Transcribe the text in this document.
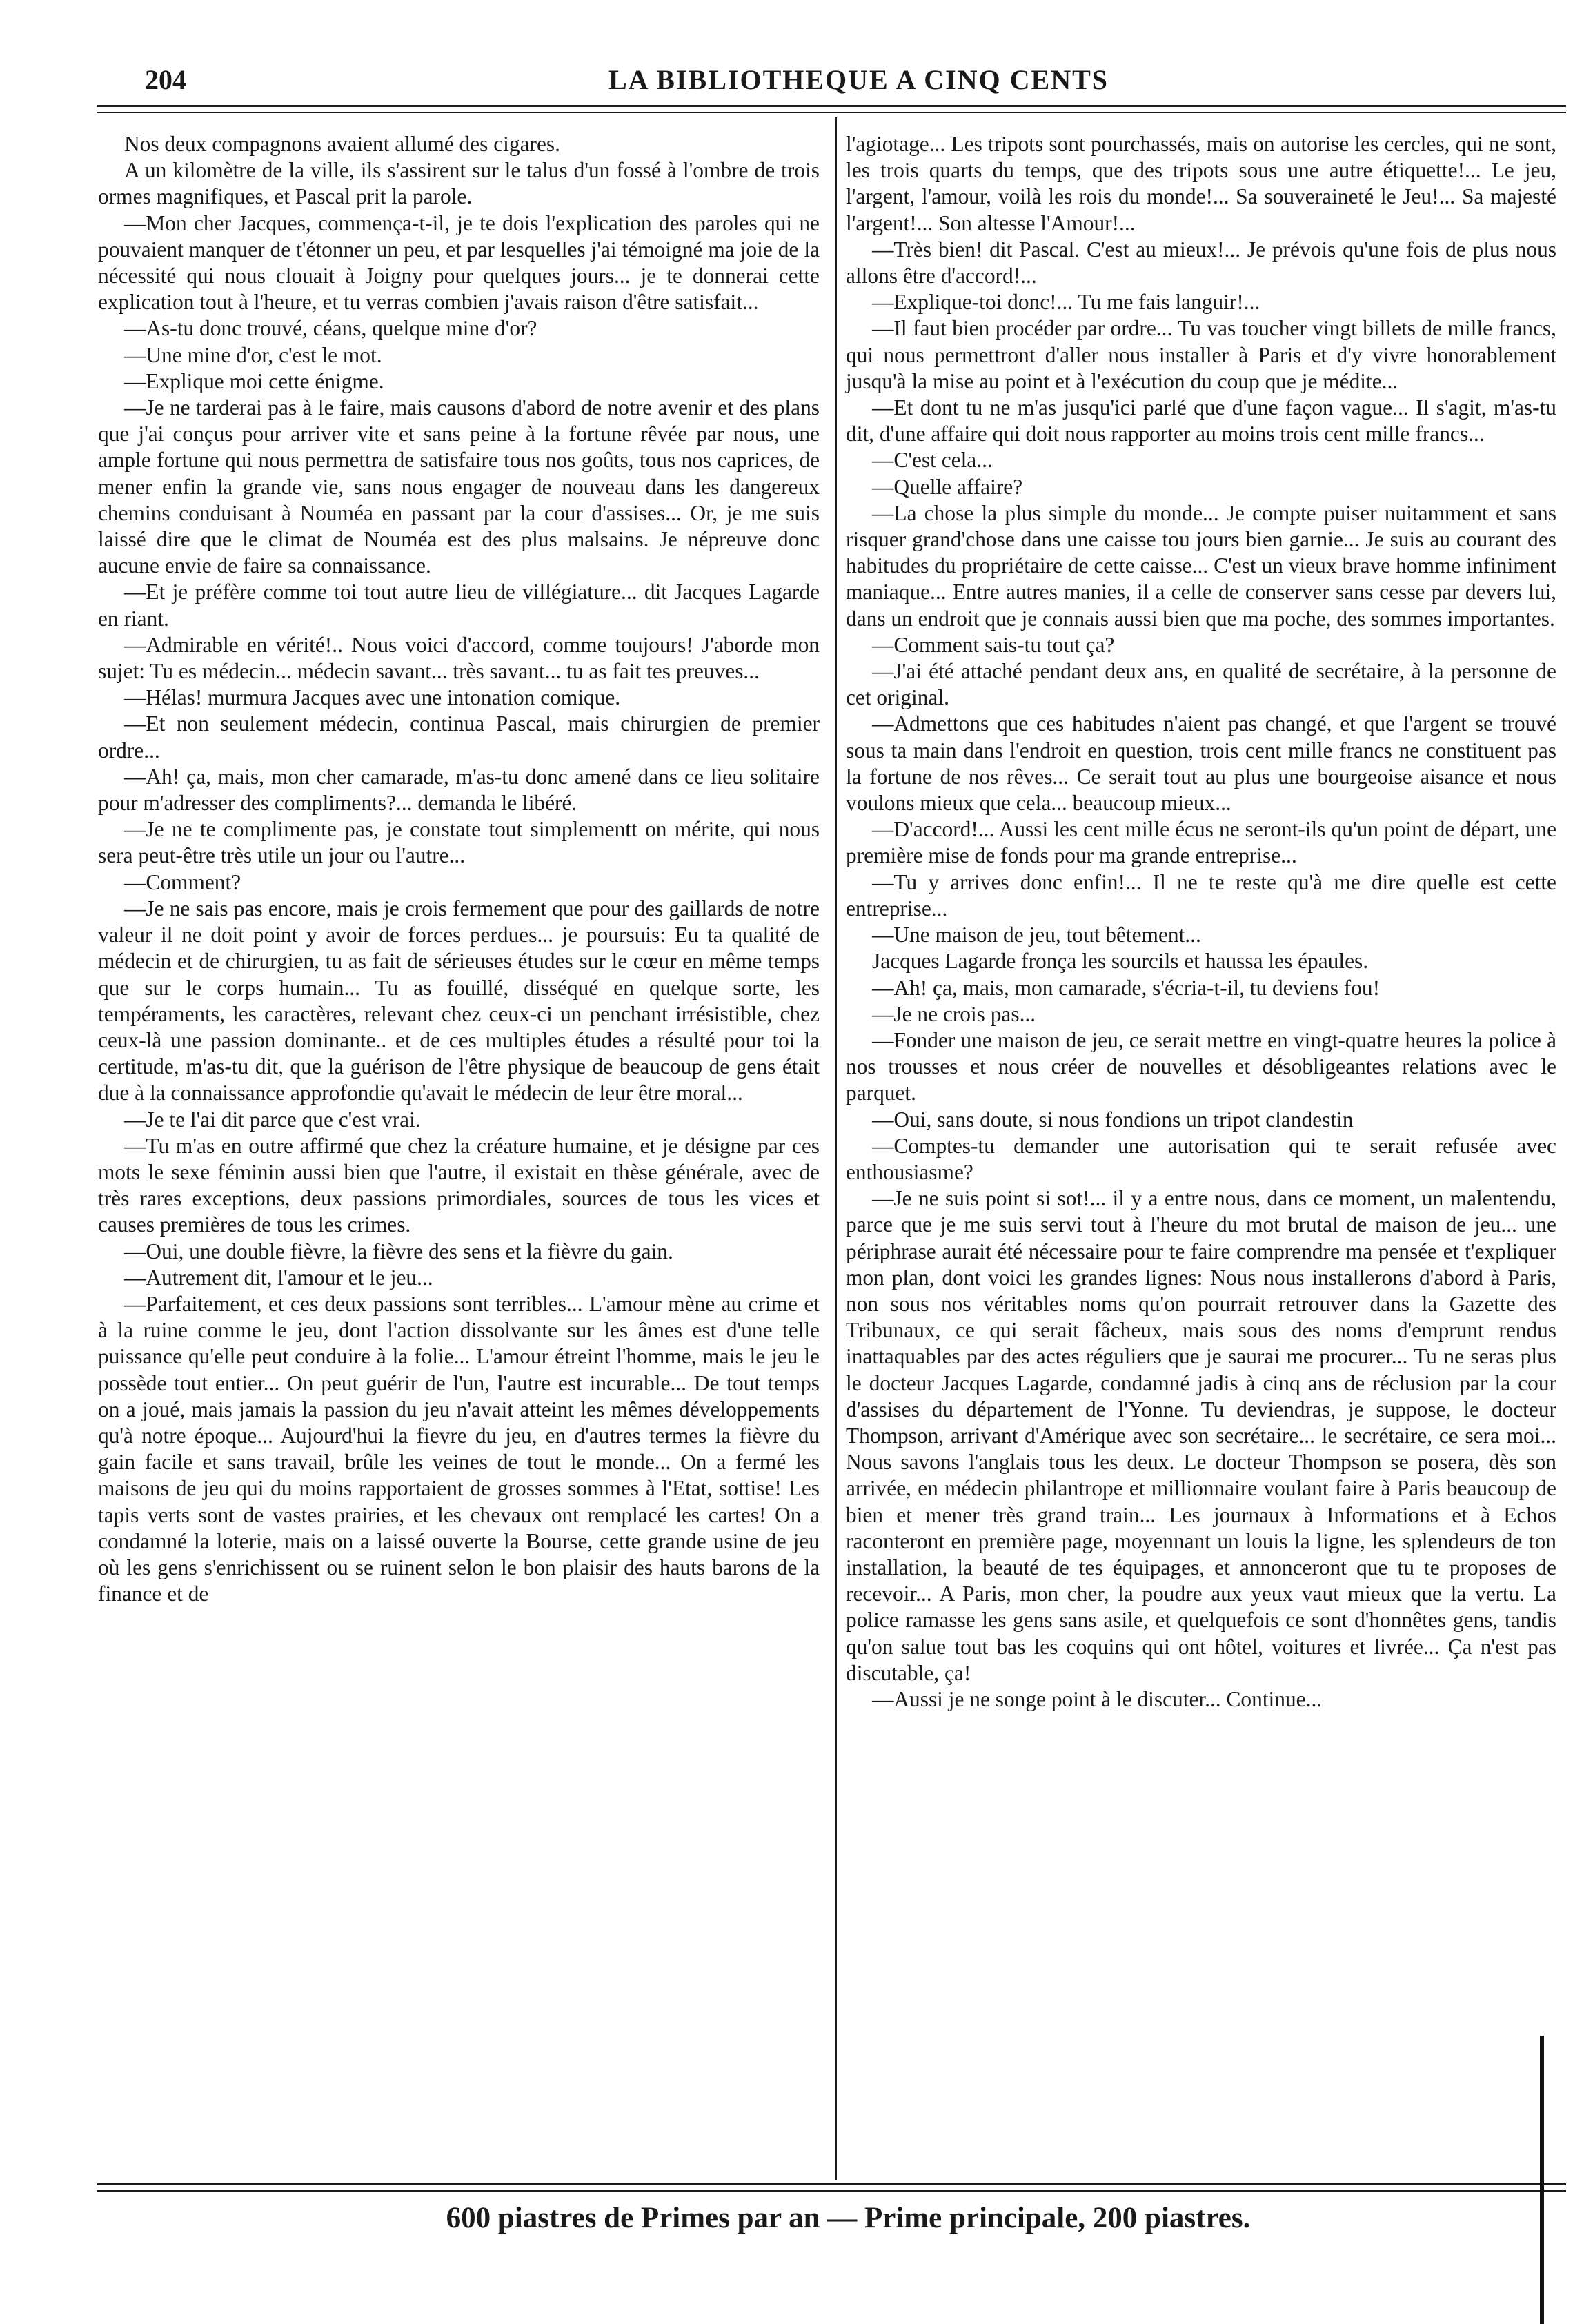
204	LA BIBLIOTHEQUE A CINQ CENTS

Nos deux compagnons avaient allumé des cigares.

A un kilomètre de la ville, ils s'assirent sur le talus d'un fossé à l'ombre de trois ormes magnifiques, et Pascal prit la parole.

—Mon cher Jacques, commença-t-il, je te dois l'explication des paroles qui ne pouvaient manquer de t'étonner un peu, et par lesquelles j'ai témoigné ma joie de la nécessité qui nous clouait à Joigny pour quelques jours... je te donnerai cette explication tout à l'heure, et tu verras combien j'avais raison d'être satisfait...

—As-tu donc trouvé, céans, quelque mine d'or?

—Une mine d'or, c'est le mot.

—Explique moi cette énigme.

—Je ne tarderai pas à le faire, mais causons d'abord de notre avenir et des plans que j'ai conçus pour arriver vite et sans peine à la fortune rêvée par nous, une ample fortune qui nous permettra de satisfaire tous nos goûts, tous nos caprices, de mener enfin la grande vie, sans nous engager de nouveau dans les dangereux chemins conduisant à Nouméa en passant par la cour d'assises... Or, je me suis laissé dire que le climat de Nouméa est des plus malsains. Je népreuve donc aucune envie de faire sa connaissance.

—Et je préfère comme toi tout autre lieu de villégiature... dit Jacques Lagarde en riant.

—Admirable en vérité!.. Nous voici d'accord, comme toujours! J'aborde mon sujet: Tu es médecin... médecin savant... très savant... tu as fait tes preuves...

—Hélas! murmura Jacques avec une intonation comique.

—Et non seulement médecin, continua Pascal, mais chirurgien de premier ordre...

—Ah! ça, mais, mon cher camarade, m'as-tu donc amené dans ce lieu solitaire pour m'adresser des compliments?... demanda le libéré.

—Je ne te complimente pas, je constate tout simplementt on mérite, qui nous sera peut-être très utile un jour ou l'autre...

—Comment?

—Je ne sais pas encore, mais je crois fermement que pour des gaillards de notre valeur il ne doit point y avoir de forces perdues... je poursuis: Eu ta qualité de médecin et de chirurgien, tu as fait de sérieuses études sur le cœur en même temps que sur le corps humain... Tu as fouillé, disséqué en quelque sorte, les tempéraments, les caractères, relevant chez ceux-ci un penchant irrésistible, chez ceux-là une passion dominante.. et de ces multiples études a résulté pour toi la certitude, m'as-tu dit, que la guérison de l'être physique de beaucoup de gens était due à la connaissance approfondie qu'avait le médecin de leur être moral...

—Je te l'ai dit parce que c'est vrai.

—Tu m'as en outre affirmé que chez la créature humaine, et je désigne par ces mots le sexe féminin aussi bien que l'autre, il existait en thèse générale, avec de très rares exceptions, deux passions primordiales, sources de tous les vices et causes premières de tous les crimes.

—Oui, une double fièvre, la fièvre des sens et la fièvre du gain.

—Autrement dit, l'amour et le jeu...

—Parfaitement, et ces deux passions sont terribles... L'amour mène au crime et à la ruine comme le jeu, dont l'action dissolvante sur les âmes est d'une telle puissance qu'elle peut conduire à la folie... L'amour étreint l'homme, mais le jeu le possède tout entier... On peut guérir de l'un, l'autre est incurable... De tout temps on a joué, mais jamais la passion du jeu n'avait atteint les mêmes développements qu'à notre époque... Aujourd'hui la fievre du jeu, en d'autres termes la fièvre du gain facile et sans travail, brûle les veines de tout le monde... On a fermé les maisons de jeu qui du moins rapportaient de grosses sommes à l'Etat, sottise! Les tapis verts sont de vastes prairies, et les chevaux ont remplacé les cartes! On a condamné la loterie, mais on a laissé ouverte la Bourse, cette grande usine de jeu où les gens s'enrichissent ou se ruinent selon le bon plaisir des hauts barons de la finance et de

l'agiotage... Les tripots sont pourchassés, mais on autorise les cercles, qui ne sont, les trois quarts du temps, que des tripots sous une autre étiquette!... Le jeu, l'argent, l'amour, voilà les rois du monde!... Sa souveraineté le Jeu!... Sa majesté l'argent!... Son altesse l'Amour!...

—Très bien! dit Pascal. C'est au mieux!... Je prévois qu'une fois de plus nous allons être d'accord!...

—Explique-toi donc!... Tu me fais languir!...

—Il faut bien procéder par ordre... Tu vas toucher vingt billets de mille francs, qui nous permettront d'aller nous installer à Paris et d'y vivre honorablement jusqu'à la mise au point et à l'exécution du coup que je médite...

—Et dont tu ne m'as jusqu'ici parlé que d'une façon vague... Il s'agit, m'as-tu dit, d'une affaire qui doit nous rapporter au moins trois cent mille francs...

—C'est cela...

—Quelle affaire?

—La chose la plus simple du monde... Je compte puiser nuitamment et sans risquer grand'chose dans une caisse tou jours bien garnie... Je suis au courant des habitudes du propriétaire de cette caisse... C'est un vieux brave homme infiniment maniaque... Entre autres manies, il a celle de conserver sans cesse par devers lui, dans un endroit que je connais aussi bien que ma poche, des sommes importantes.

—Comment sais-tu tout ça?

—J'ai été attaché pendant deux ans, en qualité de secrétaire, à la personne de cet original.

—Admettons que ces habitudes n'aient pas changé, et que l'argent se trouvé sous ta main dans l'endroit en question, trois cent mille francs ne constituent pas la fortune de nos rêves... Ce serait tout au plus une bourgeoise aisance et nous voulons mieux que cela... beaucoup mieux...

—D'accord!... Aussi les cent mille écus ne seront-ils qu'un point de départ, une première mise de fonds pour ma grande entreprise...

—Tu y arrives donc enfin!... Il ne te reste qu'à me dire quelle est cette entreprise...

—Une maison de jeu, tout bêtement...

Jacques Lagarde fronça les sourcils et haussa les épaules.

—Ah! ça, mais, mon camarade, s'écria-t-il, tu deviens fou!

—Je ne crois pas...

—Fonder une maison de jeu, ce serait mettre en vingt-quatre heures la police à nos trousses et nous créer de nouvelles et désobligeantes relations avec le parquet.

—Oui, sans doute, si nous fondions un tripot clandestin

—Comptes-tu demander une autorisation qui te serait refusée avec enthousiasme?

—Je ne suis point si sot!... il y a entre nous, dans ce moment, un malentendu, parce que je me suis servi tout à l'heure du mot brutal de maison de jeu... une périphrase aurait été nécessaire pour te faire comprendre ma pensée et t'expliquer mon plan, dont voici les grandes lignes: Nous nous installerons d'abord à Paris, non sous nos véritables noms qu'on pourrait retrouver dans la Gazette des Tribunaux, ce qui serait fâcheux, mais sous des noms d'emprunt rendus inattaquables par des actes réguliers que je saurai me procurer... Tu ne seras plus le docteur Jacques Lagarde, condamné jadis à cinq ans de réclusion par la cour d'assises du département de l'Yonne. Tu deviendras, je suppose, le docteur Thompson, arrivant d'Amérique avec son secrétaire... le secrétaire, ce sera moi... Nous savons l'anglais tous les deux. Le docteur Thompson se posera, dès son arrivée, en médecin philantrope et millionnaire voulant faire à Paris beaucoup de bien et mener très grand train... Les journaux à Informations et à Echos raconteront en première page, moyennant un louis la ligne, les splendeurs de ton installation, la beauté de tes équipages, et annonceront que tu te proposes de recevoir... A Paris, mon cher, la poudre aux yeux vaut mieux que la vertu. La police ramasse les gens sans asile, et quelquefois ce sont d'honnêtes gens, tandis qu'on salue tout bas les coquins qui ont hôtel, voitures et livrée... Ça n'est pas discutable, ça!

—Aussi je ne songe point à le discuter... Continue...

600 piastres de Primes par an — Prime principale, 200 piastres.
